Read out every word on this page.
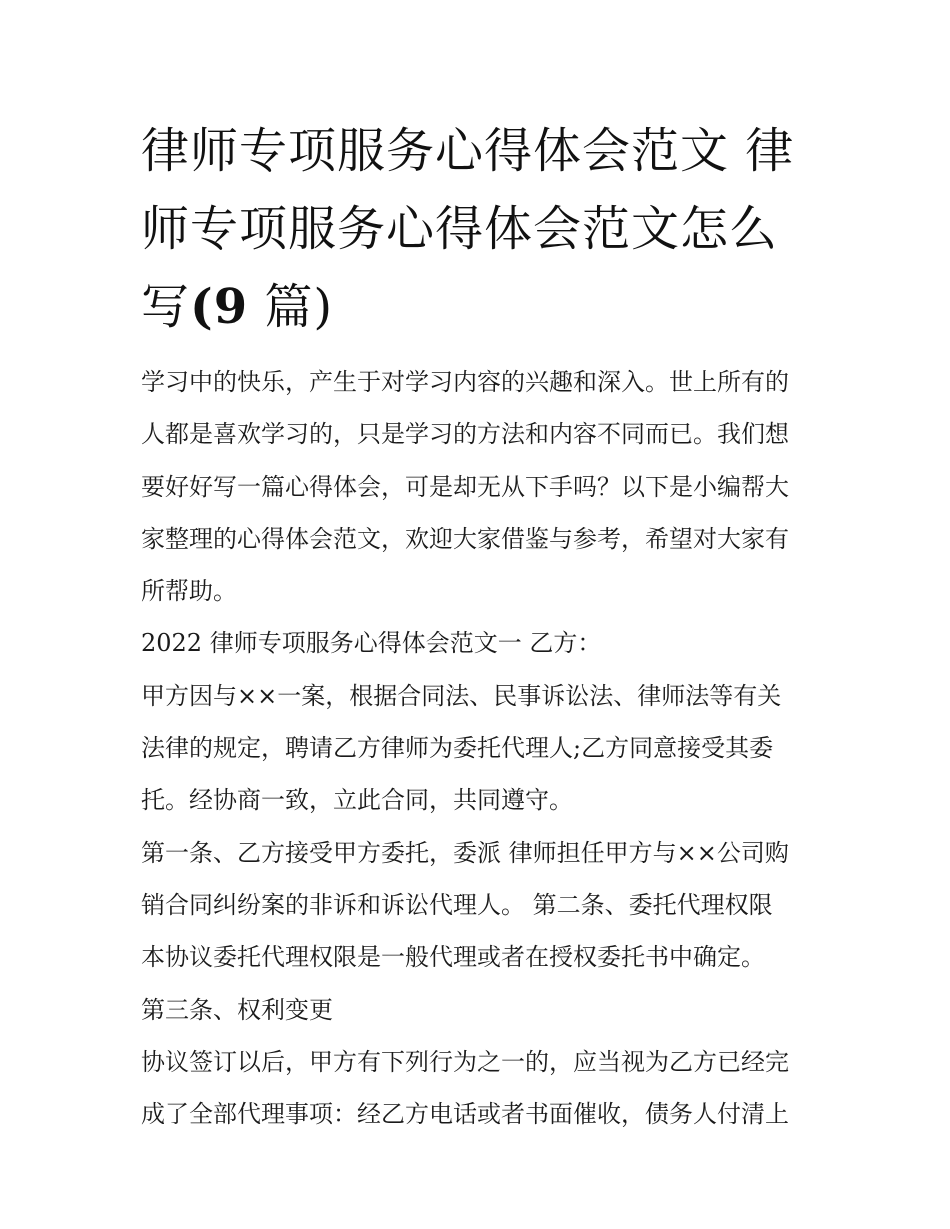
律师专项服务心得体会范文 律
师专项服务心得体会范文怎么
写(9 篇)
学习中的快乐，产生于对学习内容的兴趣和深入。世上所有的
人都是喜欢学习的，只是学习的方法和内容不同而已。我们想
要好好写一篇心得体会，可是却无从下手吗？以下是小编帮大
家整理的心得体会范文，欢迎大家借鉴与参考，希望对大家有
所帮助。
2022 律师专项服务心得体会范文一 乙方：
甲方因与××一案，根据合同法、民事诉讼法、律师法等有关
法律的规定，聘请乙方律师为委托代理人;乙方同意接受其委
托。经协商一致，立此合同，共同遵守。
第一条、乙方接受甲方委托，委派 律师担任甲方与××公司购
销合同纠纷案的非诉和诉讼代理人。 第二条、委托代理权限
本协议委托代理权限是一般代理或者在授权委托书中确定。
第三条、权利变更
协议签订以后，甲方有下列行为之一的，应当视为乙方已经完
成了全部代理事项：经乙方电话或者书面催收，债务人付清上
